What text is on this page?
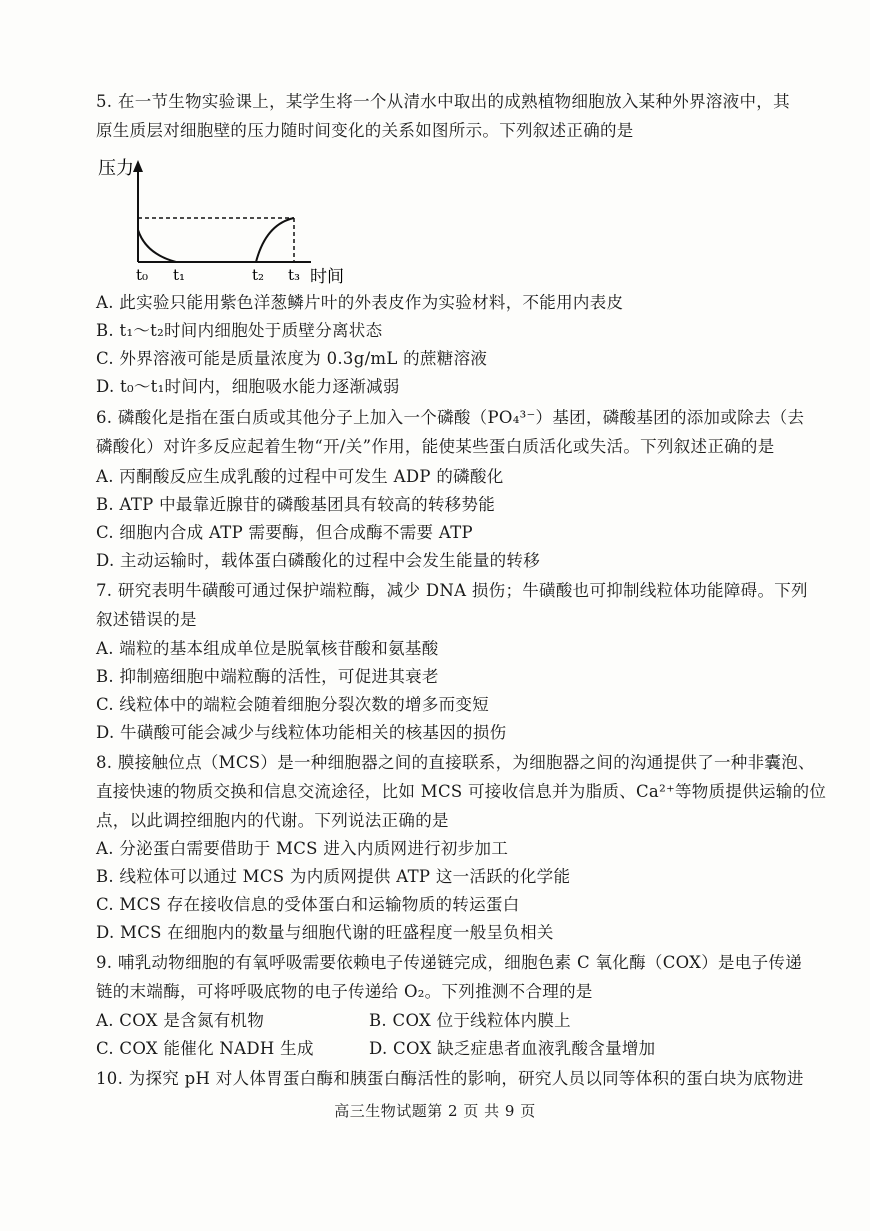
5. 在一节生物实验课上，某学生将一个从清水中取出的成熟植物细胞放入某种外界溶液中，其
原生质层对细胞壁的压力随时间变化的关系如图所示。下列叙述正确的是
压力
t₀ t₁	t₂ t₃ 时间
A. 此实验只能用紫色洋葱鳞片叶的外表皮作为实验材料，不能用内表皮
B. t₁～t₂时间内细胞处于质壁分离状态
C. 外界溶液可能是质量浓度为 0.3g/mL 的蔗糖溶液
D. t₀～t₁时间内，细胞吸水能力逐渐减弱
6. 磷酸化是指在蛋白质或其他分子上加入一个磷酸（PO₄³⁻）基团，磷酸基团的添加或除去（去
磷酸化）对许多反应起着生物“开/关”作用，能使某些蛋白质活化或失活。下列叙述正确的是
A. 丙酮酸反应生成乳酸的过程中可发生 ADP 的磷酸化
B. ATP 中最靠近腺苷的磷酸基团具有较高的转移势能
C. 细胞内合成 ATP 需要酶，但合成酶不需要 ATP
D. 主动运输时，载体蛋白磷酸化的过程中会发生能量的转移
7. 研究表明牛磺酸可通过保护端粒酶，减少 DNA 损伤；牛磺酸也可抑制线粒体功能障碍。下列
叙述错误的是
A. 端粒的基本组成单位是脱氧核苷酸和氨基酸
B. 抑制癌细胞中端粒酶的活性，可促进其衰老
C. 线粒体中的端粒会随着细胞分裂次数的增多而变短
D. 牛磺酸可能会减少与线粒体功能相关的核基因的损伤
8. 膜接触位点（MCS）是一种细胞器之间的直接联系，为细胞器之间的沟通提供了一种非囊泡、
直接快速的物质交换和信息交流途径，比如 MCS 可接收信息并为脂质、Ca²⁺等物质提供运输的位
点，以此调控细胞内的代谢。下列说法正确的是
A. 分泌蛋白需要借助于 MCS 进入内质网进行初步加工
B. 线粒体可以通过 MCS 为内质网提供 ATP 这一活跃的化学能
C. MCS 存在接收信息的受体蛋白和运输物质的转运蛋白
D. MCS 在细胞内的数量与细胞代谢的旺盛程度一般呈负相关
9. 哺乳动物细胞的有氧呼吸需要依赖电子传递链完成，细胞色素 C 氧化酶（COX）是电子传递
链的末端酶，可将呼吸底物的电子传递给 O₂。下列推测不合理的是
A. COX 是含氮有机物	B. COX 位于线粒体内膜上
C. COX 能催化 NADH 生成	D. COX 缺乏症患者血液乳酸含量增加
10. 为探究 pH 对人体胃蛋白酶和胰蛋白酶活性的影响，研究人员以同等体积的蛋白块为底物进
高三生物试题第 2 页 共 9 页
